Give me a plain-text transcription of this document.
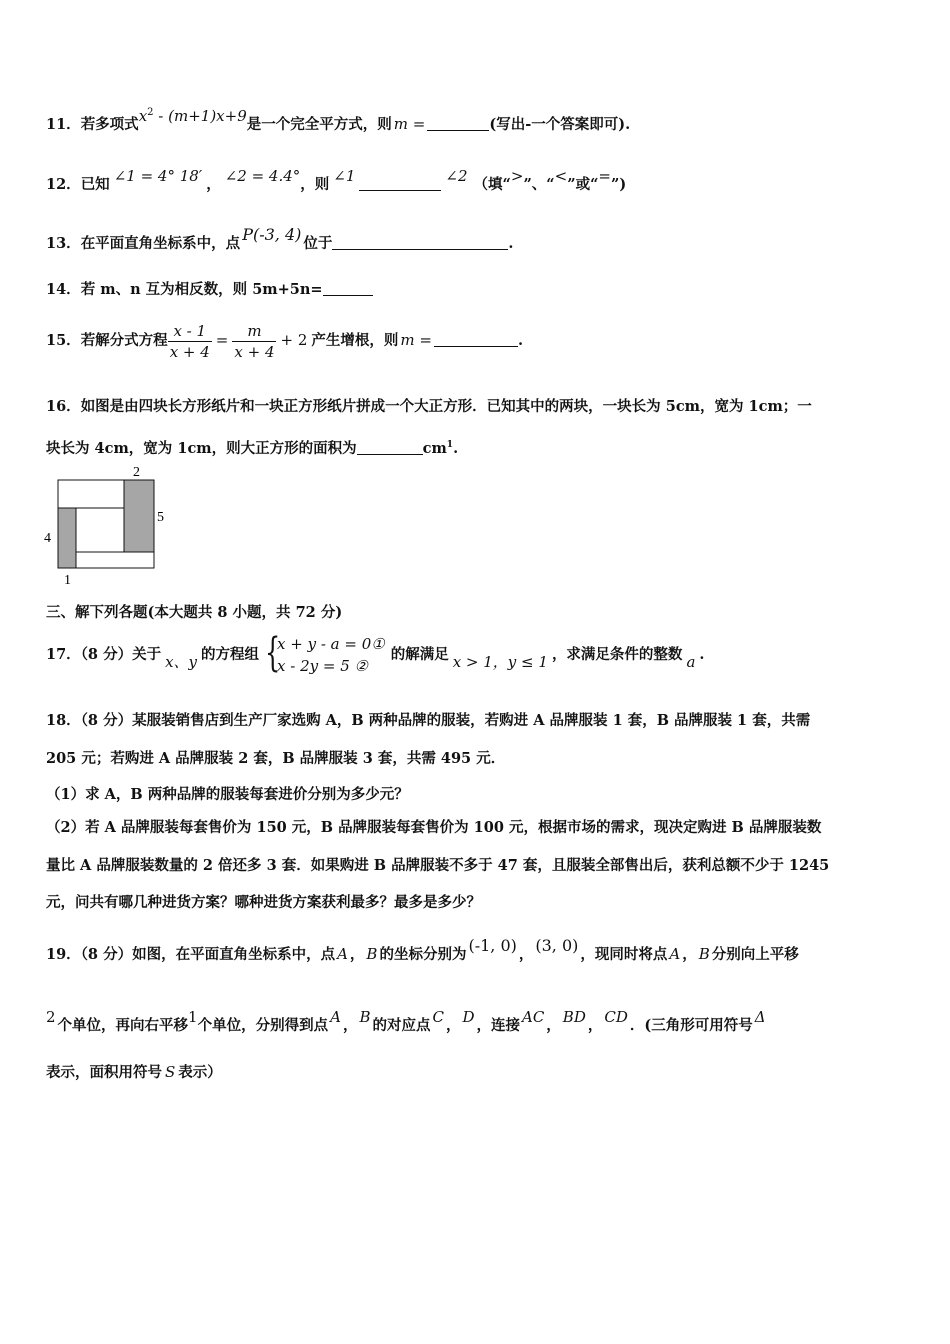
11．若多项式$x^2 - (m+1)x+9$是一个完全平方式，则 m =	(写出-一个答案即可).
12．已知 ∠1 = 4° 18′ ， ∠2 = 4.4°，则 ∠1	∠2 （填“>”、“<”或“=”)
13．在平面直角坐标系中，点 P(-3, 4) 位于	.
14．若 m、n 互为相反数，则 5m+5n=
15．若解分式方程 $\frac{x - 1}{x + 4} = \frac{m}{x + 4} + 2$ 产生增根，则 m =	.
16．如图是由四块长方形纸片和一块正方形纸片拼成一个大正方形．已知其中的两块，一块长为 5cm，宽为 1cm；一
块长为 4cm，宽为 1cm，则大正方形的面积为	$cm^1$.
2
5
4
1
三、解下列各题(本大题共 8 小题，共 72 分)
17．（8 分）关于 x、y 的方程组 {
x + y - a = 0①
x - 2y = 5 ②
的解满足 x > 1，y ≤ 1 ，求满足条件的整数 a .
18．（8 分）某服装销售店到生产厂家选购 A，B 两种品牌的服装，若购进 A 品牌服装 1 套，B 品牌服装 1 套，共需
205 元；若购进 A 品牌服装 2 套，B 品牌服装 3 套，共需 495 元．
（1）求 A，B 两种品牌的服装每套进价分别为多少元？
（2）若 A 品牌服装每套售价为 150 元，B 品牌服装每套售价为 100 元，根据市场的需求，现决定购进 B 品牌服装数
量比 A 品牌服装数量的 2 倍还多 3 套．如果购进 B 品牌服装不多于 47 套，且服装全部售出后，获利总额不少于 1245
元，问共有哪几种进货方案？哪种进货方案获利最多？最多是多少？
19．（8 分）如图，在平面直角坐标系中，点 A ， B 的坐标分别为 (-1, 0) ， (3, 0) ，现同时将点 A ， B 分别向上平移
2 个单位，再向右平移1个单位，分别得到点 A ， B 的对应点 C ， D ，连接 AC ， BD ， CD ．(三角形可用符号 Δ
表示，面积用符号 S 表示）
